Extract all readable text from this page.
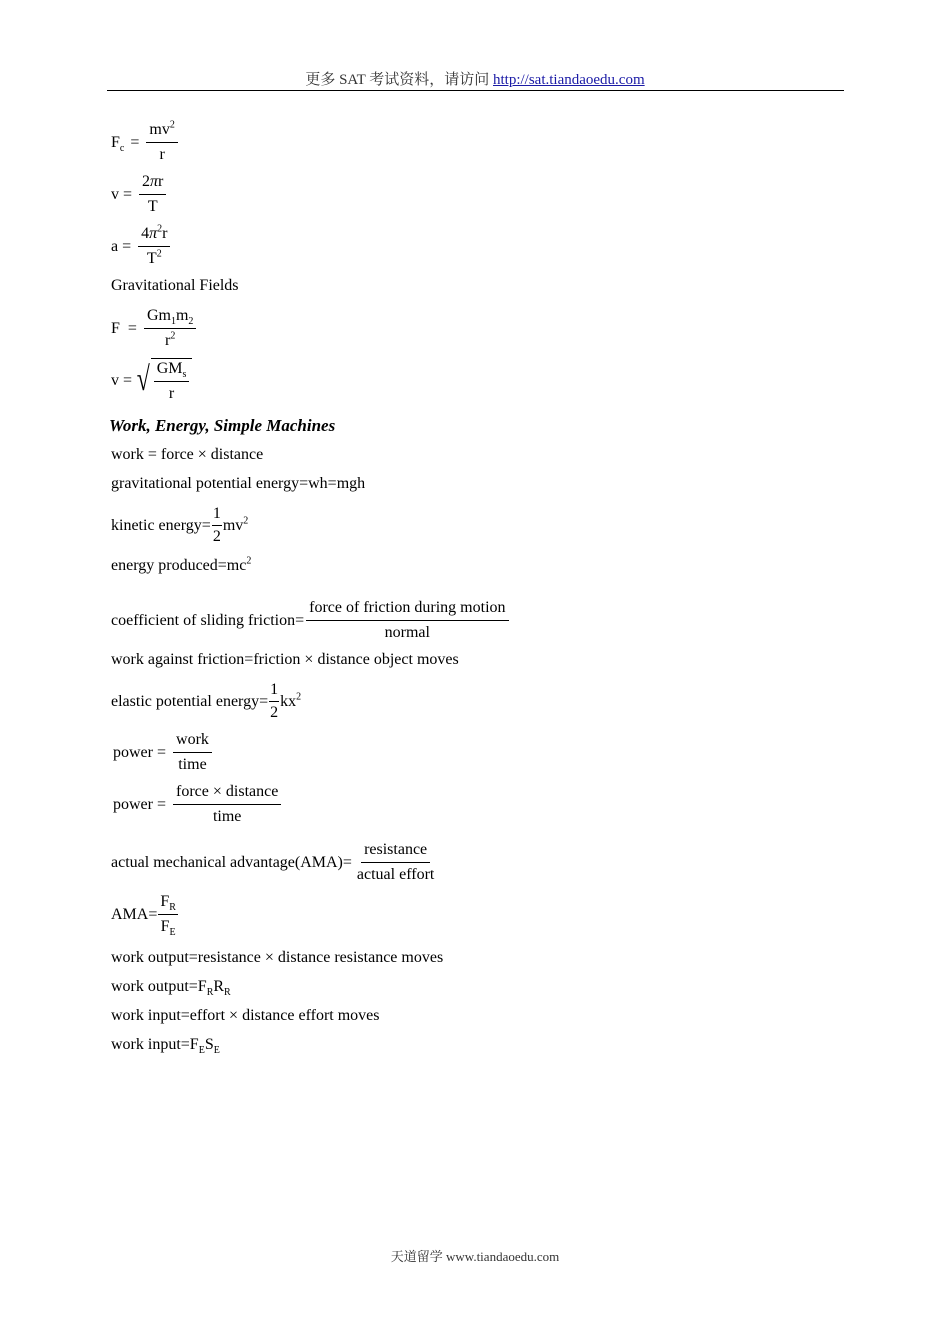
更多 SAT 考试资料，请访问 http://sat.tiandaoedu.com
$F_c = \frac{mv^2}{r}$
$v = \frac{2\pi r}{T}$
$a = \frac{4\pi^2r}{T^2}$
Gravitational Fields
$F = \frac{Gm_1m_2}{r^2}$
v = √ $\frac{GM_s}{r}$
Work, Energy, Simple Machines
work = force × distance
gravitational potential energy=wh=mgh
kinetic energy= $\frac{1}{2} mv^2$
energy $produced=mc^2$
coefficient of sliding friction= $\frac{\text{force of friction during motion}}{\text{normal}}$
work against friction=friction × distance object moves
elastic potential energy= $\frac{1}{2} kx^2$
power = $\frac{\text{work}}{\text{time}}$
power = $\frac{\text{force × distance}}{\text{time}}$
actual mechanical advantage(AMA)= $\frac{\text{resistance}}{\text{actual effort}}$
$AMA= \frac{F_R}{F_E}$
work output=resistance × distance resistance moves
work $output=F_RR_R$
work input=effort × distance effort moves
work $input=F_ES_E$
天道留学 www.tiandaoedu.com
